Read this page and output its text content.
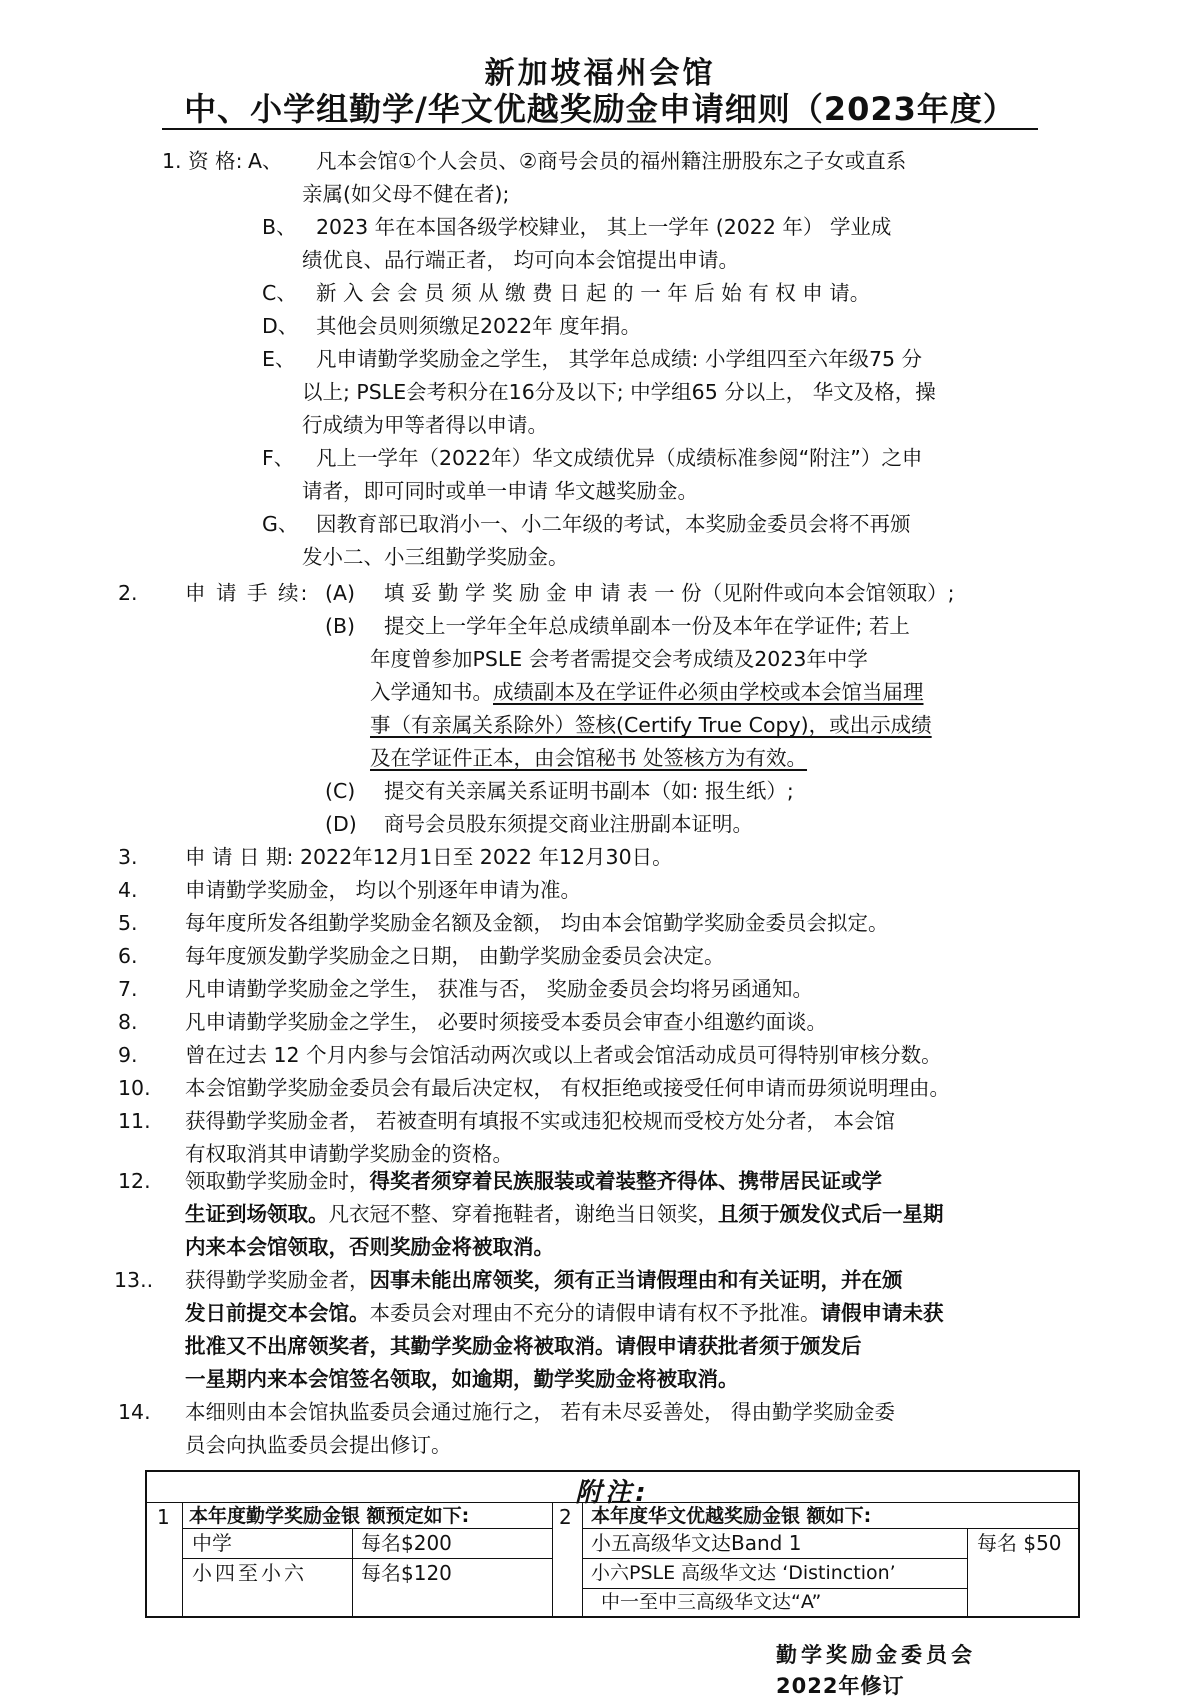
新加坡福州会馆
中、小学组勤学/华文优越奖励金申请细则（2023年度）
1. 资 格: A、 凡本会馆①个人会员、②商号会员的福州籍注册股东之子女或直系
亲属(如父母不健在者);
B、 2023 年在本国各级学校肄业， 其上一学年 (2022 年） 学业成
绩优良、品行端正者， 均可向本会馆提出申请。
C、 新 入 会 会 员 须 从 缴 费 日 起 的 一 年 后 始 有 权 申 请。
D、 其他会员则须缴足2022年 度年捐。
E、 凡申请勤学奖励金之学生， 其学年总成绩: 小学组四至六年级75 分
以上; PSLE会考积分在16分及以下; 中学组65 分以上， 华文及格，操
行成绩为甲等者得以申请。
F、 凡上一学年（2022年）华文成绩优异（成绩标准参阅“附注”）之申
请者，即可同时或单一申请 华文越奖励金。
G、 因教育部已取消小一、小二年级的考试，本奖励金委员会将不再颁
发小二、小三组勤学奖励金。
2. 申 请 手 续: (A) 填 妥 勤 学 奖 励 金 申 请 表 一 份（见附件或向本会馆领取）;
(B) 提交上一学年全年总成绩单副本一份及本年在学证件; 若上
年度曾参加PSLE 会考者需提交会考成绩及2023年中学
入学通知书。成绩副本及在学证件必须由学校或本会馆当届理
事（有亲属关系除外）签核(Certify True Copy)，或出示成绩
及在学证件正本，由会馆秘书 处签核方为有效。
(C) 提交有关亲属关系证明书副本（如: 报生纸）;
(D) 商号会员股东须提交商业注册副本证明。
3. 申 请 日 期: 2022年12月1日至 2022 年12月30日。
4. 申请勤学奖励金， 均以个别逐年申请为准。
5. 每年度所发各组勤学奖励金名额及金额， 均由本会馆勤学奖励金委员会拟定。
6. 每年度颁发勤学奖励金之日期， 由勤学奖励金委员会决定。
7. 凡申请勤学奖励金之学生， 获准与否， 奖励金委员会均将另函通知。
8. 凡申请勤学奖励金之学生， 必要时须接受本委员会审查小组邀约面谈。
9. 曾在过去 12 个月内参与会馆活动两次或以上者或会馆活动成员可得特别审核分数。
10. 本会馆勤学奖励金委员会有最后决定权， 有权拒绝或接受任何申请而毋须说明理由。
11. 获得勤学奖励金者， 若被查明有填报不实或违犯校规而受校方处分者， 本会馆
有权取消其申请勤学奖励金的资格。
12. 领取勤学奖励金时，得奖者须穿着民族服装或着装整齐得体、携带居民证或学
生证到场领取。凡衣冠不整、穿着拖鞋者，谢绝当日领奖，且须于颁发仪式后一星期
内来本会馆领取，否则奖励金将被取消。
13.. 获得勤学奖励金者，因事未能出席领奖，须有正当请假理由和有关证明，并在颁
发日前提交本会馆。本委员会对理由不充分的请假申请有权不予批准。请假申请未获
批准又不出席领奖者，其勤学奖励金将被取消。请假申请获批者须于颁发后
一星期内来本会馆签名领取，如逾期，勤学奖励金将被取消。
14. 本细则由本会馆执监委员会通过施行之， 若有未尽妥善处， 得由勤学奖励金委
员会向执监委员会提出修订。
附注:
1 本年度勤学奖励金银 额预定如下:
中学	每名$200
小四至小六	每名$120
2 本年度华文优越奖励金银 额如下:
小五高级华文达Band 1
小六PSLE 高级华文达 ‘Distinction’
中一至中三高级华文达“A”
每名 $50
勤学奖励金委员会
2022年修订
